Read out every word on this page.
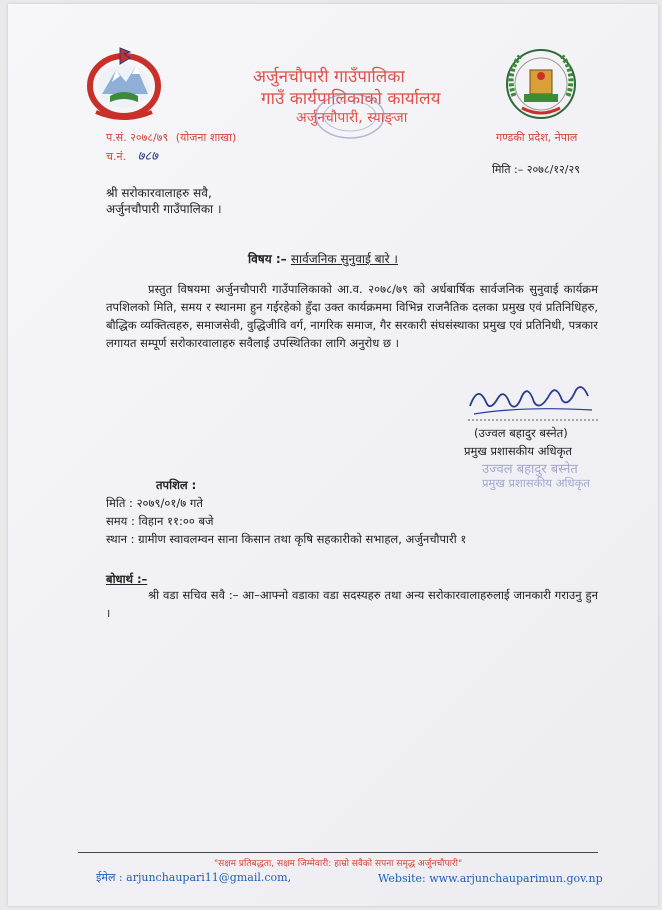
अर्जुनचौपारी गाउँपालिका
गाउँ कार्यपालिकाको कार्यालय
अर्जुनचौपारी, स्याङ्जा
प.सं. २०७८/७९ (योजना शाखा)
च.नं. ७८७
गण्डकी प्रदेश, नेपाल
मिति :– २०७८/१२/२९
श्री सरोकारवालाहरु सवै,
अर्जुनचौपारी गाउँपालिका ।
विषय :– सार्वजनिक सुनुवाई बारे ।
प्रस्तुत विषयमा अर्जुनचौपारी गाउँपालिकाको आ.व. २०७८/७९ को अर्धबार्षिक सार्वजनिक सुनुवाई कार्यक्रम तपशिलको मिति, समय र स्थानमा हुन गईरहेको हुँदा उक्त कार्यक्रममा विभिन्न राजनैतिक दलका प्रमुख एवं प्रतिनिधिहरु, बौद्धिक व्यक्तित्वहरु, समाजसेवी, वुद्धिजीवि वर्ग, नागरिक समाज, गैर सरकारी संघसंस्थाका प्रमुख एवं प्रतिनिधी, पत्रकार लगायत सम्पूर्ण सरोकारवालाहरु सवैलाई उपस्थितिका लागि अनुरोध छ ।
(उज्वल बहादुर बस्नेत)
प्रमुख प्रशासकीय अधिकृत
उज्वल बहादुर बस्नेत
प्रमुख प्रशासकीय अधिकृत
तपशिल :
मिति : २०७९/०१/७ गते
समय : विहान ११:०० बजे
स्थान : ग्रामीण स्वावलम्वन साना किसान तथा कृषि सहकारीको सभाहल, अर्जुनचौपारी १
बोधार्थ :–
श्री वडा सचिव सवै :– आ–आफ्नो वडाका वडा सदस्यहरु तथा अन्य सरोकारवालाहरुलाई जानकारी गराउनु हुन ।
"सक्षम प्रतिबद्धता, सक्षम जिम्मेवारी: हाम्रो सवैको सपना समृद्ध अर्जुनचौपारी"
ईमेल : arjunchaupari11@gmail.com,	Website: www.arjunchauparimun.gov.np
